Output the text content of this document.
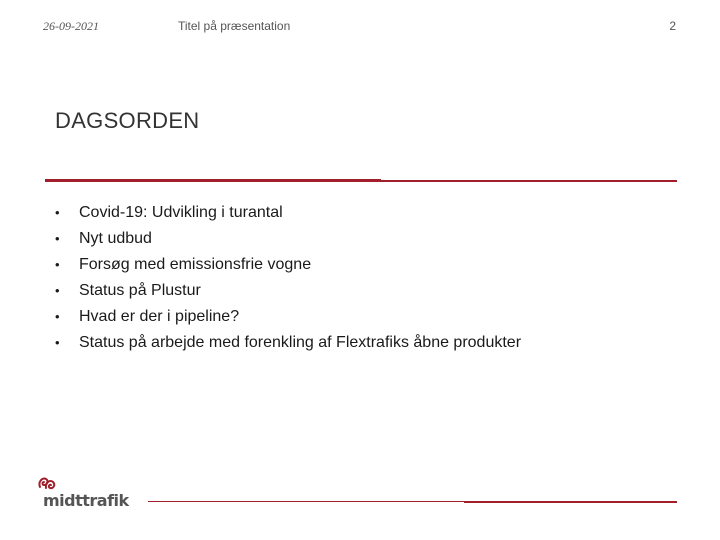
26-09-2021	Titel på præsentation	2
DAGSORDEN
•	Covid-19: Udvikling i turantal
•	Nyt udbud
•	Forsøg med emissionsfrie vogne
•	Status på Plustur
•	Hvad er der i pipeline?
•	Status på arbejde med forenkling af Flextrafiks åbne produkter
midttrafik
